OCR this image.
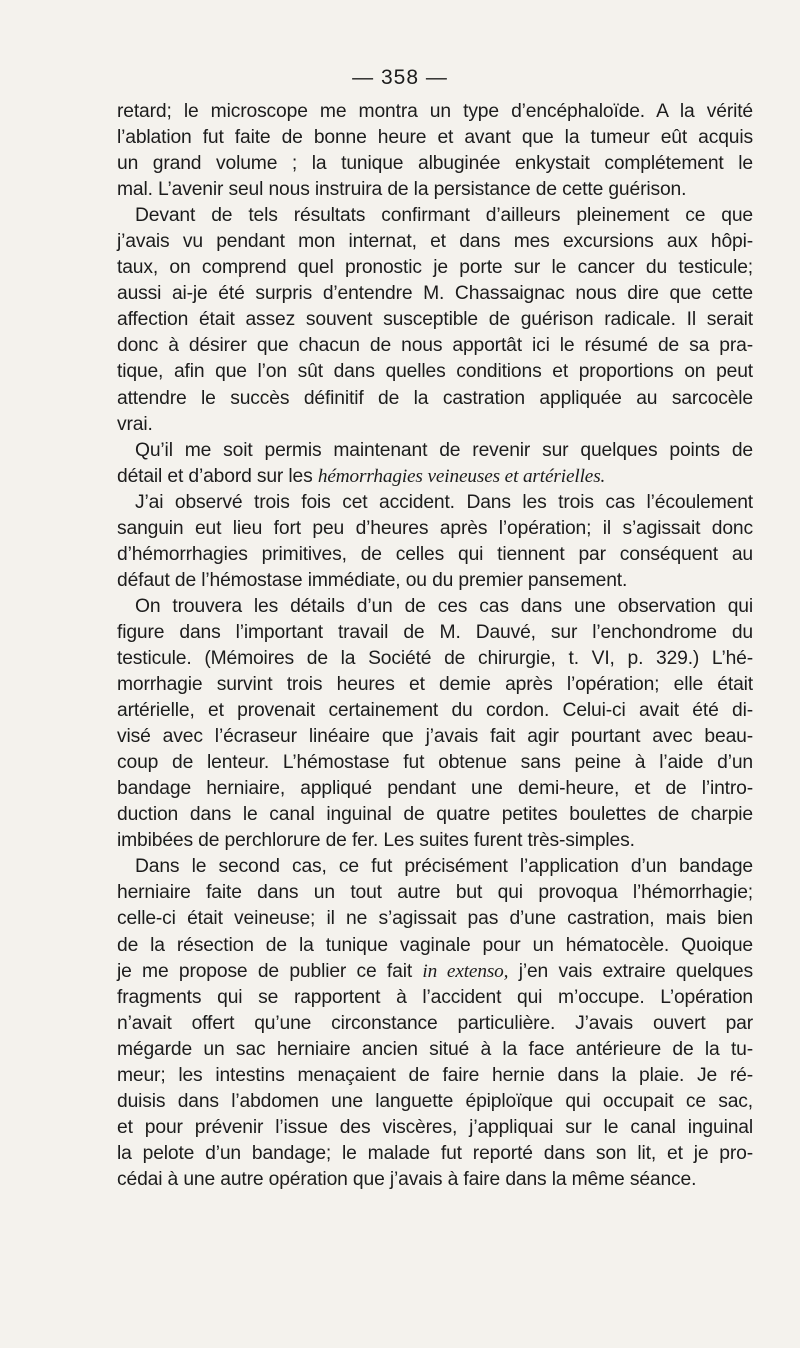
— 358 —
retard; le microscope me montra un type d’encéphaloïde. A la vérité
l’ablation fut faite de bonne heure et avant que la tumeur eût acquis
un grand volume ; la tunique albuginée enkystait complétement le
mal. L’avenir seul nous instruira de la persistance de cette guérison.
Devant de tels résultats confirmant d’ailleurs pleinement ce que
j’avais vu pendant mon internat, et dans mes excursions aux hôpi-
taux, on comprend quel pronostic je porte sur le cancer du testicule;
aussi ai-je été surpris d’entendre M. Chassaignac nous dire que cette
affection était assez souvent susceptible de guérison radicale. Il serait
donc à désirer que chacun de nous apportât ici le résumé de sa pra-
tique, afin que l’on sût dans quelles conditions et proportions on peut
attendre le succès définitif de la castration appliquée au sarcocèle
vrai.
Qu’il me soit permis maintenant de revenir sur quelques points de
détail et d’abord sur les hémorrhagies veineuses et artérielles.
J’ai observé trois fois cet accident. Dans les trois cas l’écoulement
sanguin eut lieu fort peu d’heures après l’opération; il s’agissait donc
d’hémorrhagies primitives, de celles qui tiennent par conséquent au
défaut de l’hémostase immédiate, ou du premier pansement.
On trouvera les détails d’un de ces cas dans une observation qui
figure dans l’important travail de M. Dauvé, sur l’enchondrome du
testicule. (Mémoires de la Société de chirurgie, t. VI, p. 329.) L’hé-
morrhagie survint trois heures et demie après l’opération; elle était
artérielle, et provenait certainement du cordon. Celui-ci avait été di-
visé avec l’écraseur linéaire que j’avais fait agir pourtant avec beau-
coup de lenteur. L’hémostase fut obtenue sans peine à l’aide d’un
bandage herniaire, appliqué pendant une demi-heure, et de l’intro-
duction dans le canal inguinal de quatre petites boulettes de charpie
imbibées de perchlorure de fer. Les suites furent très-simples.
Dans le second cas, ce fut précisément l’application d’un bandage
herniaire faite dans un tout autre but qui provoqua l’hémorrhagie;
celle-ci était veineuse; il ne s’agissait pas d’une castration, mais bien
de la résection de la tunique vaginale pour un hématocèle. Quoique
je me propose de publier ce fait in extenso, j’en vais extraire quelques
fragments qui se rapportent à l’accident qui m’occupe. L’opération
n’avait offert qu’une circonstance particulière. J’avais ouvert par
mégarde un sac herniaire ancien situé à la face antérieure de la tu-
meur; les intestins menaçaient de faire hernie dans la plaie. Je ré-
duisis dans l’abdomen une languette épiploïque qui occupait ce sac,
et pour prévenir l’issue des viscères, j’appliquai sur le canal inguinal
la pelote d’un bandage; le malade fut reporté dans son lit, et je pro-
cédai à une autre opération que j’avais à faire dans la même séance.
